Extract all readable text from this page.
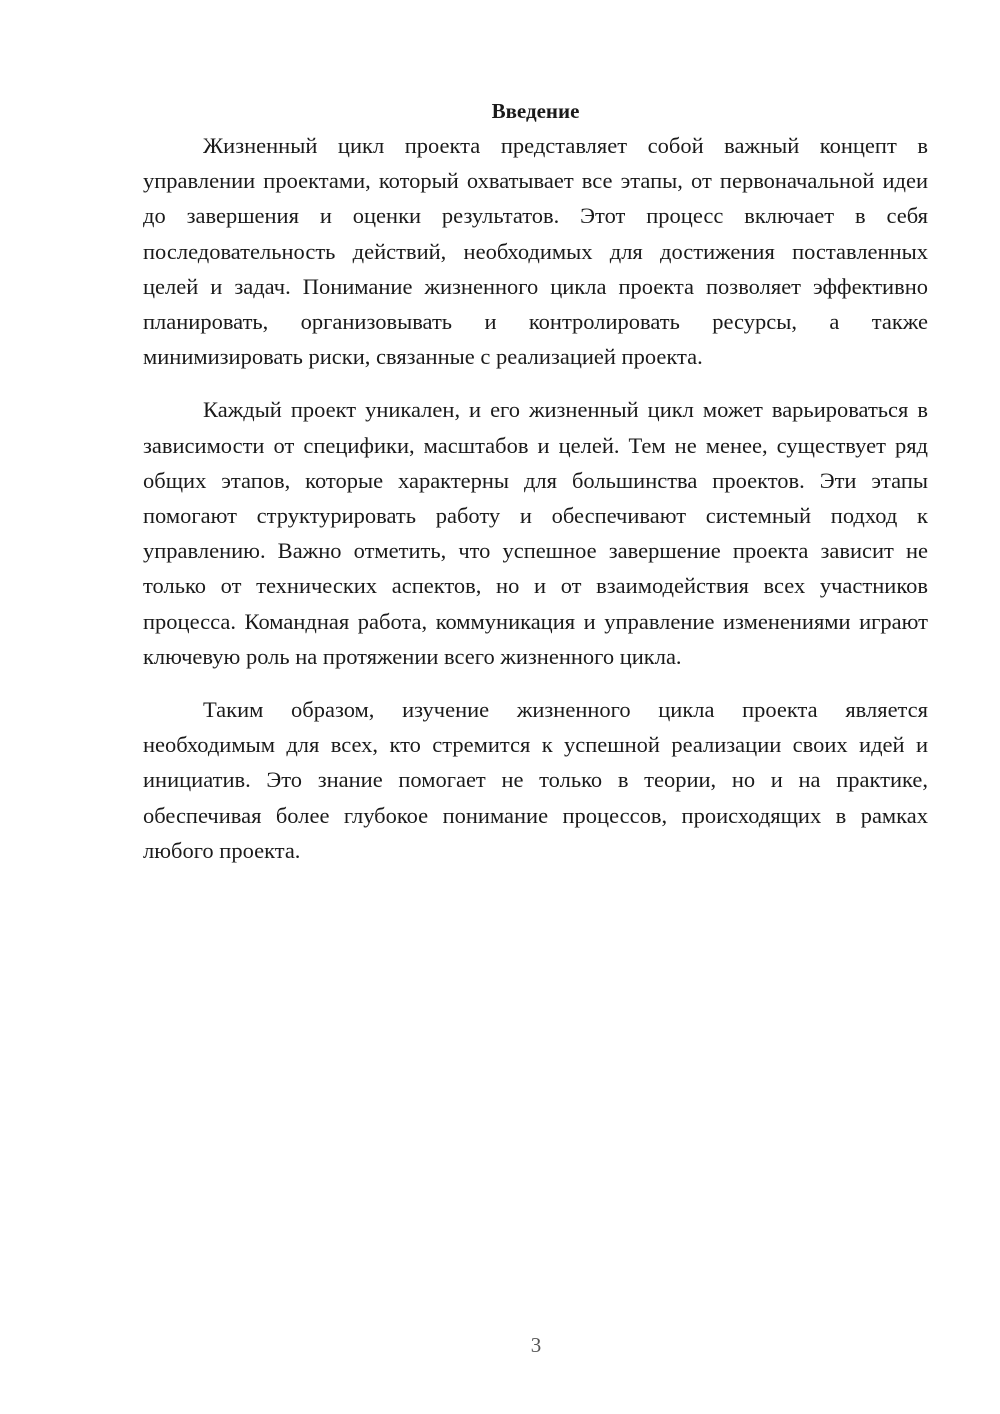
Введение

Жизненный цикл проекта представляет собой важный концепт в управлении проектами, который охватывает все этапы, от первоначальной идеи до завершения и оценки результатов. Этот процесс включает в себя последовательность действий, необходимых для достижения поставленных целей и задач. Понимание жизненного цикла проекта позволяет эффективно планировать, организовывать и контролировать ресурсы, а также минимизировать риски, связанные с реализацией проекта.

Каждый проект уникален, и его жизненный цикл может варьироваться в зависимости от специфики, масштабов и целей. Тем не менее, существует ряд общих этапов, которые характерны для большинства проектов. Эти этапы помогают структурировать работу и обеспечивают системный подход к управлению. Важно отметить, что успешное завершение проекта зависит не только от технических аспектов, но и от взаимодействия всех участников процесса. Командная работа, коммуникация и управление изменениями играют ключевую роль на протяжении всего жизненного цикла.

Таким образом, изучение жизненного цикла проекта является необходимым для всех, кто стремится к успешной реализации своих идей и инициатив. Это знание помогает не только в теории, но и на практике, обеспечивая более глубокое понимание процессов, происходящих в рамках любого проекта.

3
